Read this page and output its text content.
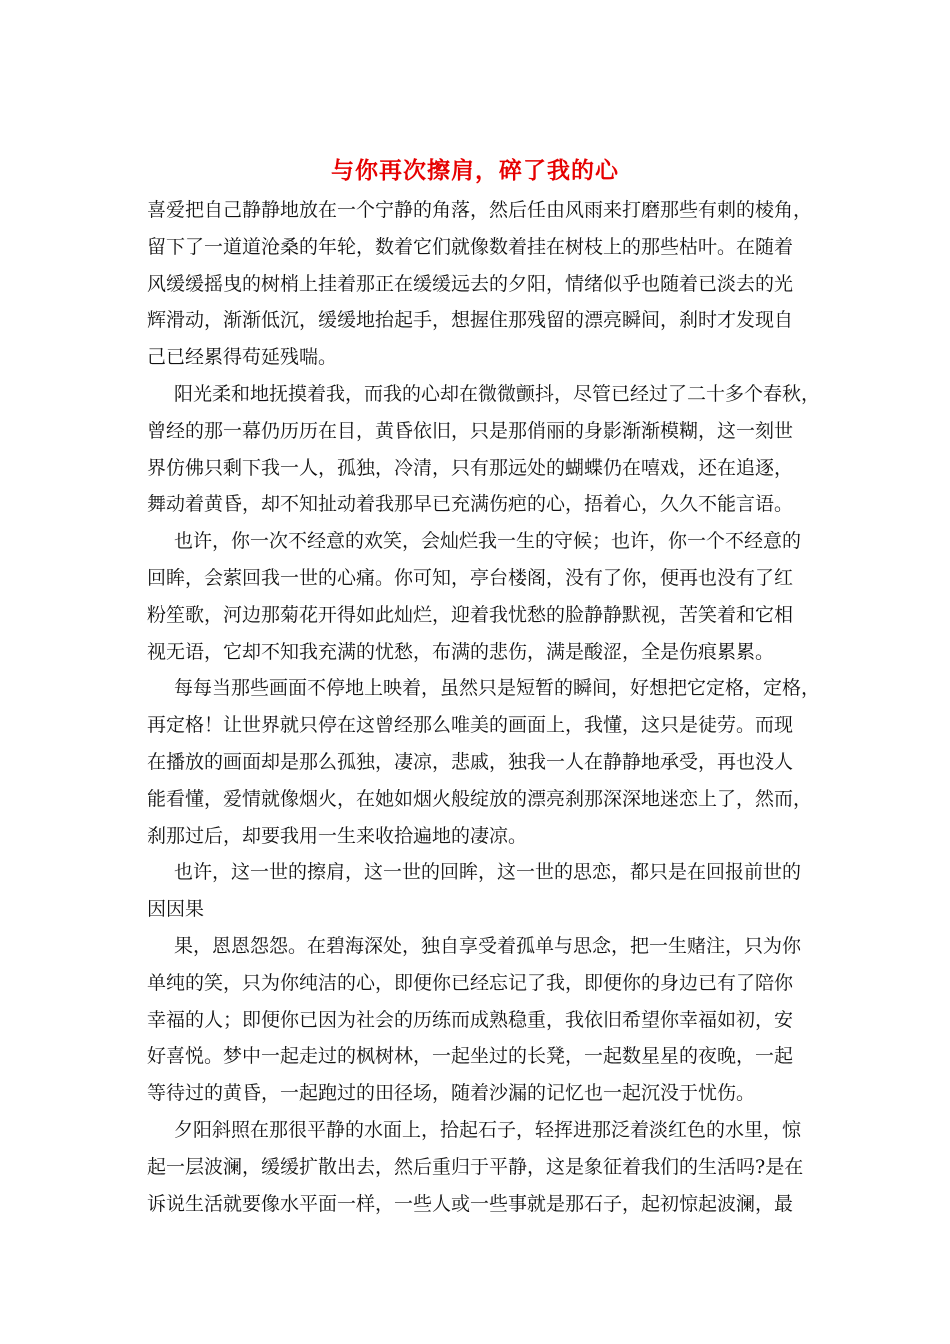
与你再次擦肩，碎了我的心
喜爱把自己静静地放在一个宁静的角落，然后任由风雨来打磨那些有刺的棱角，
留下了一道道沧桑的年轮，数着它们就像数着挂在树枝上的那些枯叶。在随着
风缓缓摇曳的树梢上挂着那正在缓缓远去的夕阳，情绪似乎也随着已淡去的光
辉滑动，渐渐低沉，缓缓地抬起手，想握住那残留的漂亮瞬间，刹时才发现自
己已经累得苟延残喘。
阳光柔和地抚摸着我，而我的心却在微微颤抖，尽管已经过了二十多个春秋，
曾经的那一幕仍历历在目，黄昏依旧，只是那俏丽的身影渐渐模糊，这一刻世
界仿佛只剩下我一人，孤独，冷清，只有那远处的蝴蝶仍在嘻戏，还在追逐，
舞动着黄昏，却不知扯动着我那早已充满伤疤的心，捂着心，久久不能言语。
也许，你一次不经意的欢笑，会灿烂我一生的守候；也许，你一个不经意的
回眸，会萦回我一世的心痛。你可知，亭台楼阁，没有了你，便再也没有了红
粉笙歌，河边那菊花开得如此灿烂，迎着我忧愁的脸静静默视，苦笑着和它相
视无语，它却不知我充满的忧愁，布满的悲伤，满是酸涩，全是伤痕累累。
每每当那些画面不停地上映着，虽然只是短暂的瞬间，好想把它定格，定格，
再定格！让世界就只停在这曾经那么唯美的画面上，我懂，这只是徒劳。而现
在播放的画面却是那么孤独，凄凉，悲戚，独我一人在静静地承受，再也没人
能看懂，爱情就像烟火，在她如烟火般绽放的漂亮刹那深深地迷恋上了，然而，
刹那过后，却要我用一生来收拾遍地的凄凉。
也许，这一世的擦肩，这一世的回眸，这一世的思恋，都只是在回报前世的
因因果
果，恩恩怨怨。在碧海深处，独自享受着孤单与思念，把一生赌注，只为你
单纯的笑，只为你纯洁的心，即便你已经忘记了我，即便你的身边已有了陪你
幸福的人；即便你已因为社会的历练而成熟稳重，我依旧希望你幸福如初，安
好喜悦。梦中一起走过的枫树林，一起坐过的长凳，一起数星星的夜晚，一起
等待过的黄昏，一起跑过的田径场，随着沙漏的记忆也一起沉没于忧伤。
夕阳斜照在那很平静的水面上，拾起石子，轻挥进那泛着淡红色的水里，惊
起一层波澜，缓缓扩散出去，然后重归于平静，这是象征着我们的生活吗?是在
诉说生活就要像水平面一样，一些人或一些事就是那石子，起初惊起波澜，最
